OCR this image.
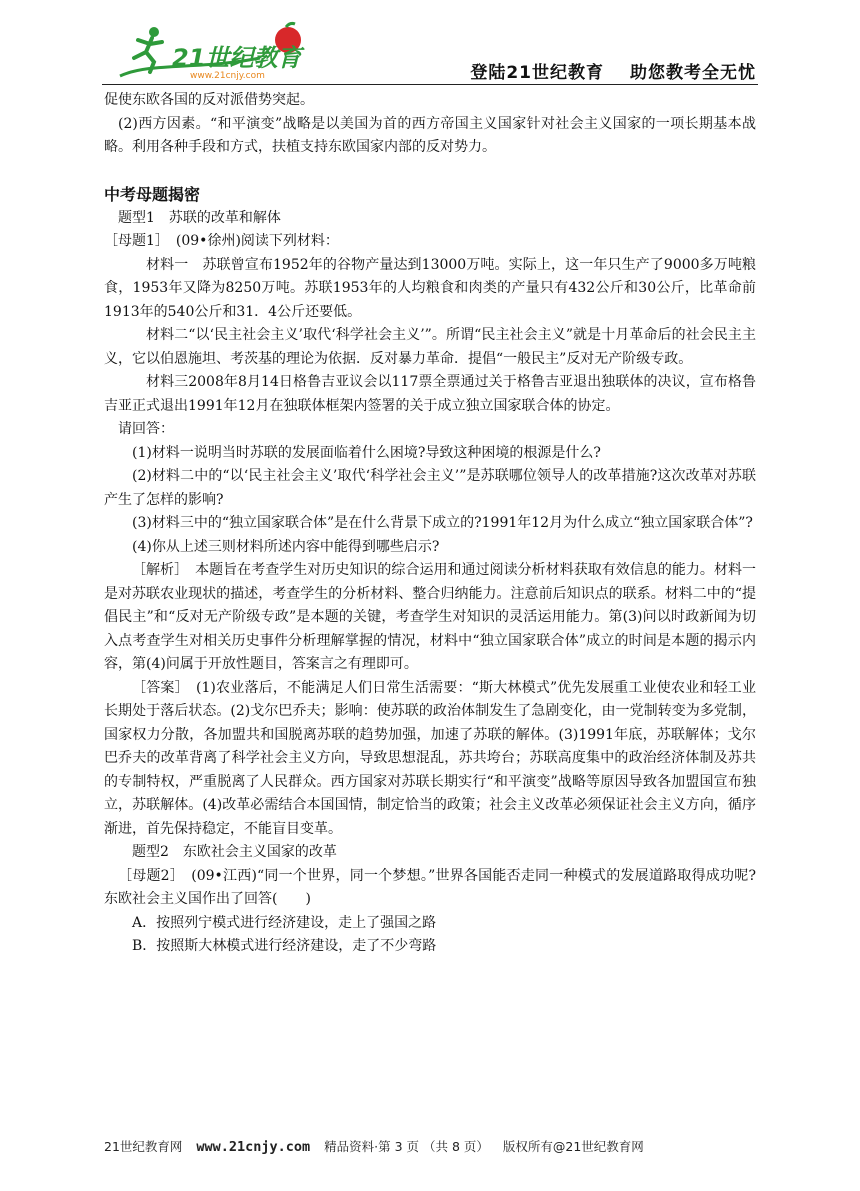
21世纪教育
www.21cnjy.com	登陆21世纪教育 助您教考全无忧

促使东欧各国的反对派借势突起。

(2)西方因素。“和平演变”战略是以美国为首的西方帝国主义国家针对社会主义国家的一项长期基本战略。利用各种手段和方式，扶植支持东欧国家内部的反对势力。

中考母题揭密

题型1　苏联的改革和解体

［母题1］　(09•徐州)阅读下列材料：

材料一　苏联曾宣布1952年的谷物产量达到13000万吨。实际上，这一年只生产了9000多万吨粮食，1953年又降为8250万吨。苏联1953年的人均粮食和肉类的产量只有432公斤和30公斤，比革命前1913年的540公斤和31．4公斤还要低。

材料二“以‘民主社会主义’取代‘科学社会主义’”。所谓“民主社会主义”就是十月革命后的社会民主主义，它以伯恩施坦、考茨基的理论为依据．反对暴力革命．提倡“一般民主”反对无产阶级专政。

材料三2008年8月14日格鲁吉亚议会以117票全票通过关于格鲁吉亚退出独联体的决议，宣布格鲁吉亚正式退出1991年12月在独联体框架内签署的关于成立独立国家联合体的协定。

请回答：

(1)材料一说明当时苏联的发展面临着什么困境?导致这种困境的根源是什么?

(2)材料二中的“以‘民主社会主义’取代‘科学社会主义’”是苏联哪位领导人的改革措施?这次改革对苏联产生了怎样的影响?

(3)材料三中的“独立国家联合体”是在什么背景下成立的?1991年12月为什么成立“独立国家联合体”?

(4)你从上述三则材料所述内容中能得到哪些启示?

［解析］　本题旨在考查学生对历史知识的综合运用和通过阅读分析材料获取有效信息的能力。材料一是对苏联农业现状的描述，考查学生的分析材料、整合归纳能力。注意前后知识点的联系。材料二中的“提倡民主”和“反对无产阶级专政”是本题的关键，考查学生对知识的灵活运用能力。第(3)问以时政新闻为切入点考查学生对相关历史事件分析理解掌握的情况，材料中“独立国家联合体”成立的时间是本题的揭示内容，第(4)问属于开放性题目，答案言之有理即可。

［答案］　(1)农业落后，不能满足人们日常生活需要：“斯大林模式”优先发展重工业使农业和轻工业长期处于落后状态。(2)戈尔巴乔夫；影响：使苏联的政治体制发生了急剧变化，由一党制转变为多党制，国家权力分散，各加盟共和国脱离苏联的趋势加强，加速了苏联的解体。(3)1991年底，苏联解体；戈尔巴乔夫的改革背离了科学社会主义方向，导致思想混乱，苏共垮台；苏联高度集中的政治经济体制及苏共的专制特权，严重脱离了人民群众。西方国家对苏联长期实行“和平演变”战略等原因导致各加盟国宣布独立，苏联解体。(4)改革必需结合本国国情，制定恰当的政策；社会主义改革必须保证社会主义方向，循序渐进，首先保持稳定，不能盲目变革。

题型2　东欧社会主义国家的改革

［母题2］　(09•江西)“同一个世界，同一个梦想。”世界各国能否走同一种模式的发展道路取得成功呢?东欧社会主义国作出了回答(　　)

A．按照列宁模式进行经济建设，走上了强国之路

B．按照斯大林模式进行经济建设，走了不少弯路

21世纪教育网 www.21cnjy.com 精品资料·第 3 页 （共 8 页） 版权所有@21世纪教育网
